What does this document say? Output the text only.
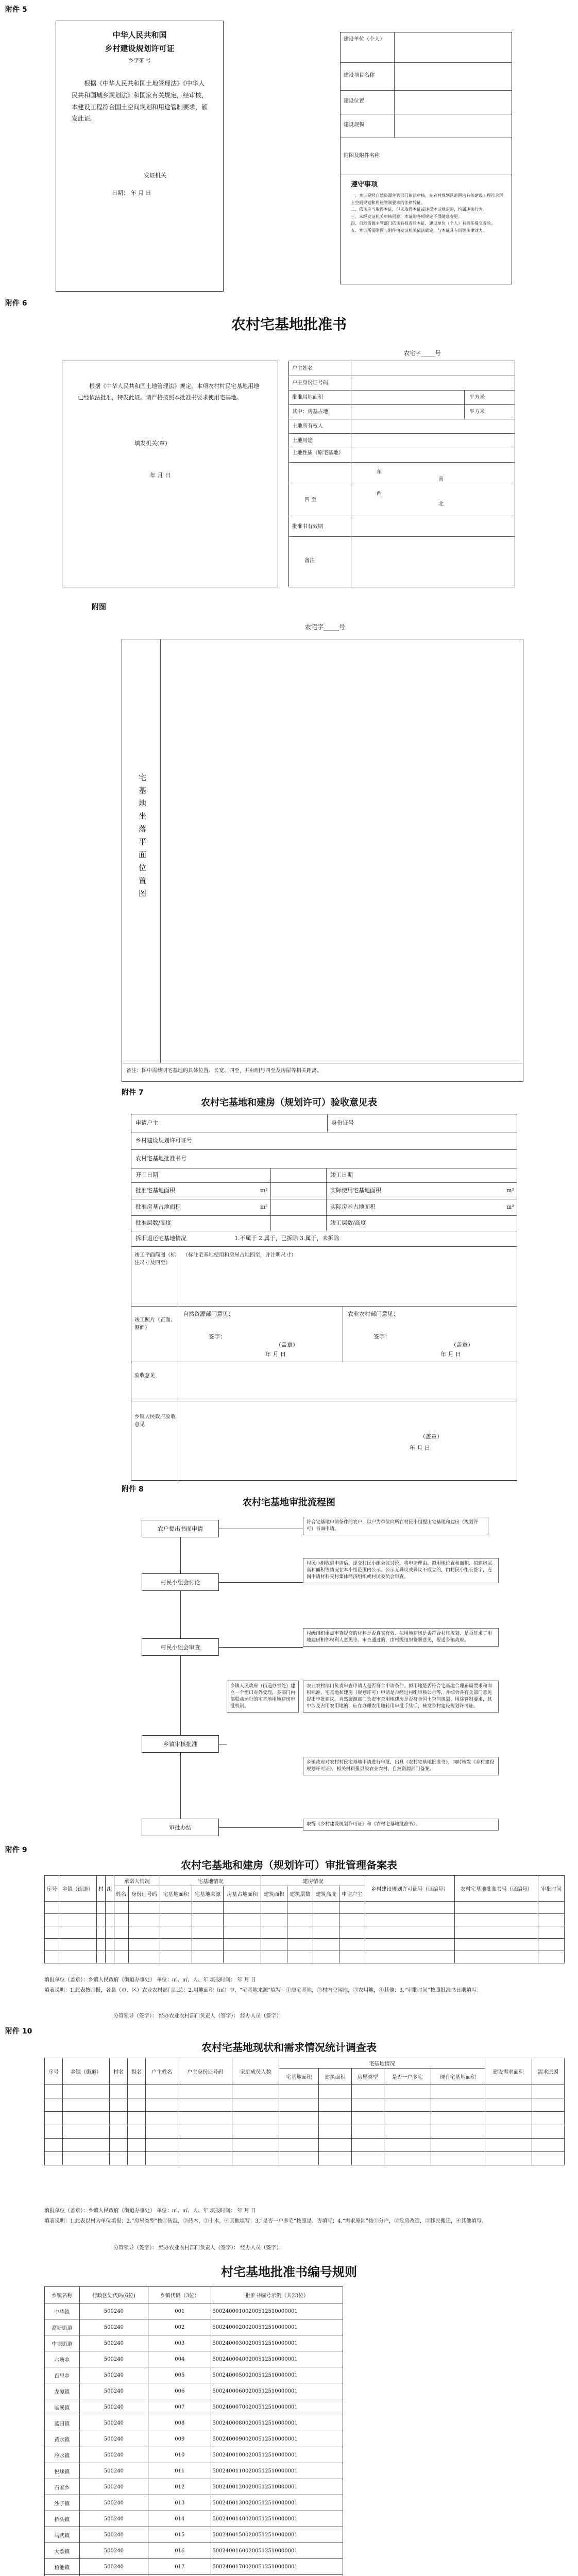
附件 5
中华人民共和国
乡村建设规划许可证
乡字第 号
根据《中华人民共和国土地管理法》《中华人民共和国城乡规划法》和国家有关规定，经审核，本建设工程符合国土空间规划和用途管制要求，颁发此证。
发证机关
日期： 年 月 日
建设单位（个人）
建设项目名称
建设位置
建设规模
附图及附件名称
遵守事项
一、本证是经自然资源主管部门依法审核，在农村规划区范围内有关建设工程符合国土空间规划和用途管制要求的法律凭证。
二、依法应当取得本证，但未取得本证或违反本证规定的，均属违法行为。
三、未经发证机关审核同意，本证的各项规定不得随意变更。
四、自然资源主管部门依法有权查验本证，建设单位（个人）有责任提交查验。
五、本证所需附图与附件由发证机关依法确定，与本证具有同等法律效力。
附件 6
农村宅基地批准书
农宅字_____号
根据《中华人民共和国土地管理法》规定，本项农村村民宅基地用地已经依法批准，特发此证。请严格按照本批准书要求使用宅基地。
填发机关(章)
年 月 日
户主姓名
户主身份证号码
批准用地面积	平方米
其中：房基占地	平方米
土地所有权人
土地用途
土地性质（原宅基地）
四 至
东
南
西
北
批准书有效期
备注
附图
农宅字_____号
宅基地坐落平面位置图
备注：图中需载明宅基地的具体位置、长宽、四至，并标明与四至及房屋等相关距离。
附件 7
农村宅基地和建房（规划许可）验收意见表
申请户主	身份证号
乡村建设规划许可证号
农村宅基地批准书号
开工日期	竣工日期
批准宅基地面积	m²	实际使用宅基地面积	m²
批准房基占地面积	m²	实际房基占地面积	m²
批准层数/高度	竣工层数/高度
拆旧退还宅基地情况	1.不属于 2.属于，已拆除 3.属于，未拆除
竣工平面简图（标注尺寸及四至）
（标注宅基地使用和房屋占地四至，并注明尺寸）
竣工照片（正面、侧面）
自然资源部门意见：
签字：
（盖章）
年 月 日
农业农村部门意见：
签字：
（盖章）
年 月 日
验收意见
乡镇人民政府验收意见
（盖章）
年 月 日
附件 8
农村宅基地审批流程图
农户提出书面申请
符合宅基地申请条件的农户，以户为单位向所在村民小组提出宅基地和建房（规划许可）书面申请。
村民小组会讨论
村民小组收到申请后，提交村民小组会议讨论，将申请理由、拟用地位置和面积、拟建房层高和面积等情况在本小组范围内公示。公示无异议或异议不成立的，由村民小组长签字，连同申请材料交村集体经济组织或村民委员会审查。
村民小组会审查
村级组织重点审查提交的材料是否真实有效、拟用地建房是否符合村庄规划、是否征求了用地建房相邻权利人意见等。审查通过的，由村级组织签署意见，报送乡镇政府。
乡镇审核批准
乡镇人民政府（街道办事处）建立一个窗口对外受理，多部门内部联动运行的宅基地用地建房审批机制。
农业农村部门负责审查申请人是否符合申请条件、拟用地是否符合宅基地合理布局要求和面积标准、宅基地和建房（规划许可）申请是否经过村组审核公示等，并综合各有关部门意见提出审批建议。自然资源部门负责审查用地建房是否符合国土空间规划、用途管制要求，其中涉及占用农用地的，应在办理农用地转用审批手续后，核发乡村建设规划许可证。
乡镇政府对农村村民宅基地申请进行审批，出具《农村宅基地批准书》，同时核发《乡村建设规划许可证》，相关材料报县级农业农村、自然资源部门备案。
审批办结	取得《乡村建设规划许可证》和《农村宅基地批准书》。
附件 9
农村宅基地和建房（规划许可）审批管理备案表
序号	乡镇（街道）	村	组	承诺人情况		宅基地情况			建房情况				乡村建设规划许可证号（证编号）	农村宅基地批准书号（证编号）	审批时间
				姓名	身份证号码	宅基地面积	宅基地来源	房基占地面积	建筑面积	建筑层数	建筑高度	申请户主			

填报单位（盖章）：乡镇人民政府（街道办事处） 单位：㎡、㎡、人、年 填报时间： 年 月 日
填表说明：1.此表按月报，各县（市、区）农业农村部门汇总；2.用地面积（㎡）中，“宅基地来源”填写：①原宅基地，②村内空闲地，③农用地，④其他；3.“审批时间”按照批准书日期填写。
分管领导（签字）： 经办农业农村部门负责人（签字）： 经办人员（签字）：
附件 10
农村宅基地现状和需求情况统计调查表
序号	乡镇（街道）	村名	组名	户主姓名	户主身份证号码	家庭成员人数	宅基地情况					建设需求面积	需求原因
							宅基地面积	建筑面积	房屋类型	是否一户多宅	现有宅基地面积		

填报单位（盖章）：乡镇人民政府（街道办事处） 单位：㎡、㎡、人、年 填报时间： 年 月 日
填表说明：1.此表以村为单位填报；2.“房屋类型”按①砖混，②砖木，③土木，④其他填写；3.“是否一户多宅”按照是、否填写；4.“需求原因”按①分户，②危房改造，③移民搬迁，④其他填写。
分管领导（签字）： 经办农业农村部门负责人（签字）： 经办人员（签字）：
村宅基地批准书编号规则
乡镇名称	行政区划代码(6位)	乡镇代码（3位）	批准书编号示例（共23位）
中华镇	500240	001	50024000100200512510000001
高塘街道	500240	002	50024000200200512510000001
中坝街道	500240	003	50024000300200512510000001
六塘乡	500240	004	50024000400200512510000001
百里乡	500240	005	50024000500200512510000001
龙潭镇	500240	006	50024000600200512510000001
临溪镇	500240	007	50024000700200512510000001
蓝田镇	500240	008	50024000800200512510000001
黄水镇	500240	009	50024000900200512510000001
冷水镇	500240	010	50024001000200512510000001
悦崃镇	500240	011	50024001100200512510000001
石家乡	500240	012	50024001200200512510000001
沙子镇	500240	013	50024001300200512510000001
桥头镇	500240	014	50024001400200512510000001
马武镇	500240	015	50024001500200512510000001
大歇镇	500240	016	50024001600200512510000001
鱼池镇	500240	017	50024001700200512510000001
